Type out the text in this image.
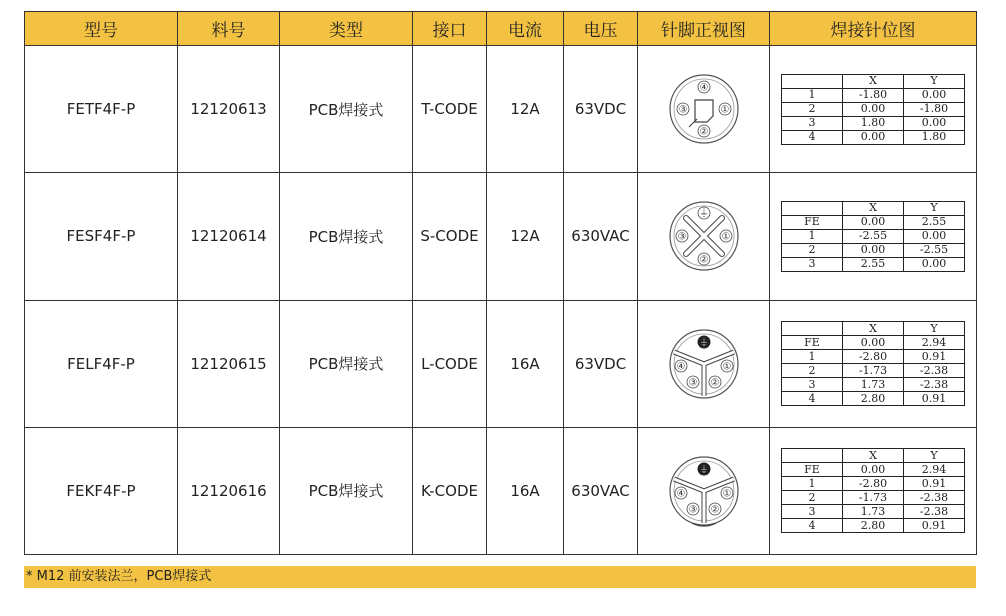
型号	料号	类型	接口	电流	电压	针脚正视图	焊接针位图
FETF4F-P	12120613	PCB焊接式	T-CODE	12A	63VDC	
④
③	①
②

	X	Y
1	-1.80	0.00
2	0.00	-1.80
3	1.80	0.00
4	0.00	1.80

FESF4F-P	12120614	PCB焊接式	S-CODE	12A	630VAC	
⏚
③	①
②

	X	Y
FE	0.00	2.55
1	-2.55	0.00
2	0.00	-2.55
3	2.55	0.00

FELF4F-P	12120615	PCB焊接式	L-CODE	16A	63VDC	
⏚
④	①
③ ②

	X	Y
FE	0.00	2.94
1	-2.80	0.91
2	-1.73	-2.38
3	1.73	-2.38
4	2.80	0.91

FEKF4F-P	12120616	PCB焊接式	K-CODE	16A	630VAC	
⏚
④	①
③ ②

	X	Y
FE	0.00	2.94
1	-2.80	0.91
2	-1.73	-2.38
3	1.73	-2.38
4	2.80	0.91
* M12 前安装法兰，PCB焊接式
